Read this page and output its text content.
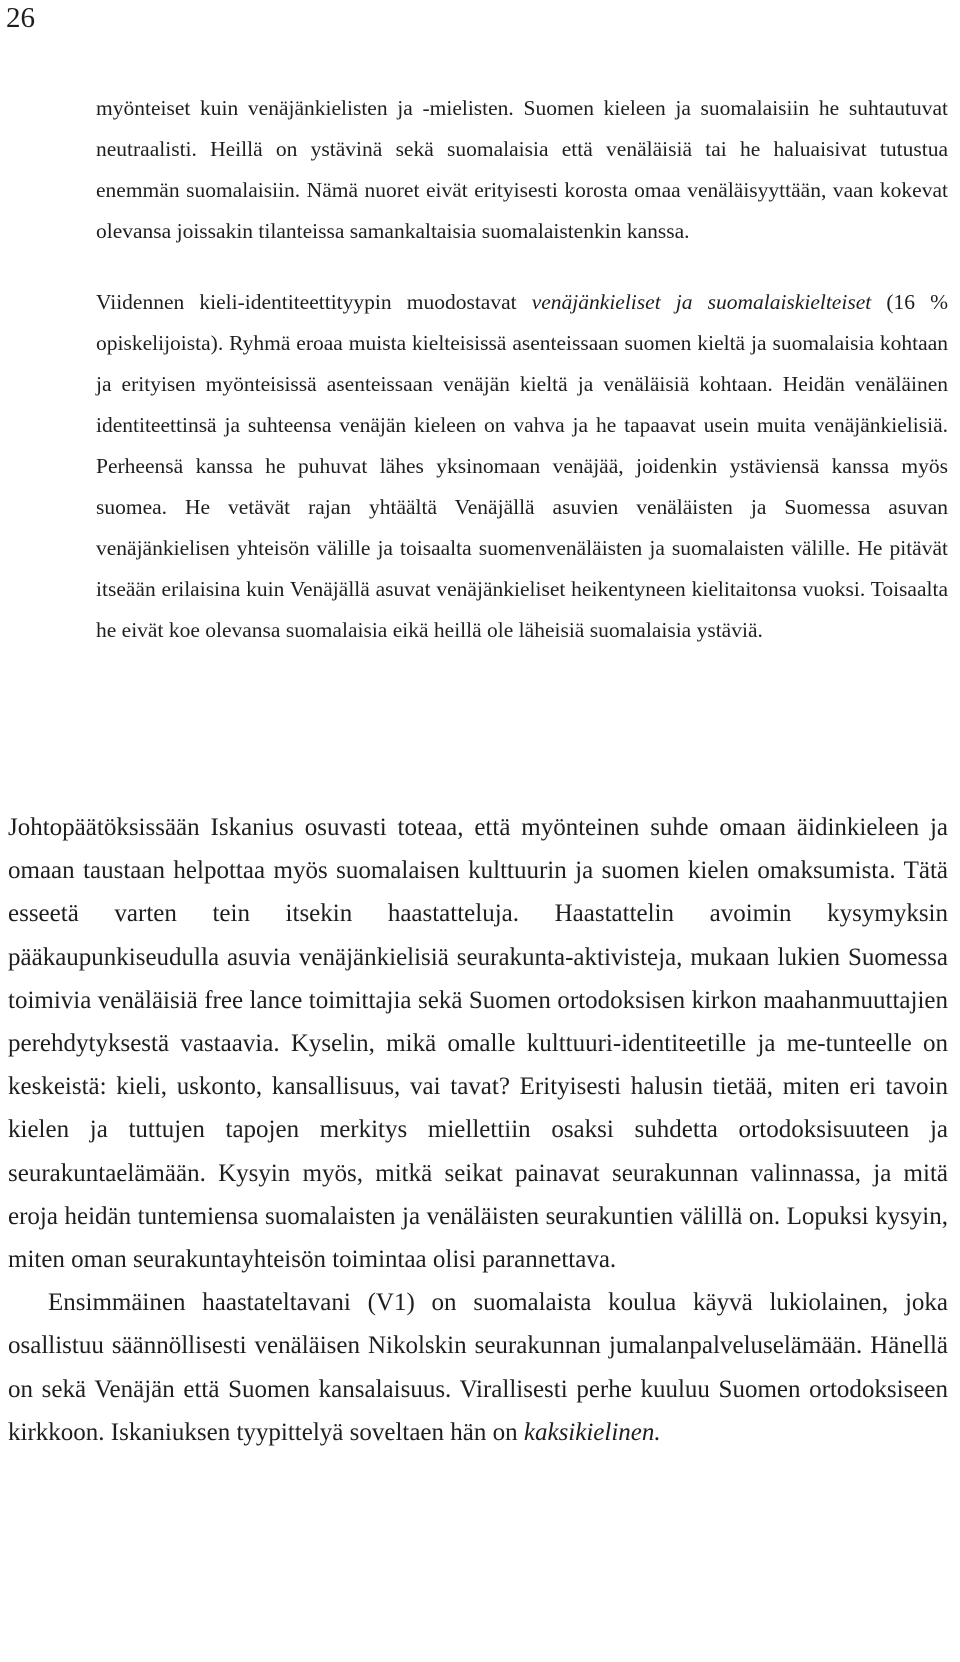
26

myönteiset kuin venäjänkielisten ja -mielisten. Suomen kieleen ja suomalaisiin he suhtautuvat neutraalisti. Heillä on ystävinä sekä suomalaisia että venäläisiä tai he haluaisivat tutustua enemmän suomalaisiin. Nämä nuoret eivät erityisesti korosta omaa venäläisyyttään, vaan kokevat olevansa joissakin tilanteissa samankaltaisia suomalaistenkin kanssa.

Viidennen kieli-identiteettityypin muodostavat venäjänkieliset ja suomalaiskielteiset (16 % opiskelijoista). Ryhmä eroaa muista kielteisissä asenteissaan suomen kieltä ja suomalaisia kohtaan ja erityisen myönteisissä asenteissaan venäjän kieltä ja venäläisiä kohtaan. Heidän venäläinen identiteettinsä ja suhteensa venäjän kieleen on vahva ja he tapaavat usein muita venäjänkielisiä. Perheensä kanssa he puhuvat lähes yksinomaan venäjää, joidenkin ystäviensä kanssa myös suomea. He vetävät rajan yhtäältä Venäjällä asuvien venäläisten ja Suomessa asuvan venäjänkielisen yhteisön välille ja toisaalta suomenvenäläisten ja suomalaisten välille. He pitävät itseään erilaisina kuin Venäjällä asuvat venäjänkieliset heikentyneen kielitaitonsa vuoksi. Toisaalta he eivät koe olevansa suomalaisia eikä heillä ole läheisiä suomalaisia ystäviä.

Johtopäätöksissään Iskanius osuvasti toteaa, että myönteinen suhde omaan äidinkieleen ja omaan taustaan helpottaa myös suomalaisen kulttuurin ja suomen kielen omaksumista. Tätä esseetä varten tein itsekin haastatteluja. Haastattelin avoimin kysymyksin pääkaupunkiseudulla asuvia venäjänkielisiä seurakunta-aktivisteja, mukaan lukien Suomessa toimivia venäläisiä free lance toimittajia sekä Suomen ortodoksisen kirkon maahanmuuttajien perehdytyksestä vastaavia. Kyselin, mikä omalle kulttuuri-identiteetille ja me-tunteelle on keskeistä: kieli, uskonto, kansallisuus, vai tavat? Erityisesti halusin tietää, miten eri tavoin kielen ja tuttujen tapojen merkitys miellettiin osaksi suhdetta ortodoksisuuteen ja seurakuntaelämään. Kysyin myös, mitkä seikat painavat seurakunnan valinnassa, ja mitä eroja heidän tuntemiensa suomalaisten ja venäläisten seurakuntien välillä on. Lopuksi kysyin, miten oman seurakuntayhteisön toimintaa olisi parannettava.

Ensimmäinen haastateltavani (V1) on suomalaista koulua käyvä lukiolainen, joka osallistuu säännöllisesti venäläisen Nikolskin seurakunnan jumalanpalveluselämään. Hänellä on sekä Venäjän että Suomen kansalaisuus. Virallisesti perhe kuuluu Suomen ortodoksiseen kirkkoon. Iskaniuksen tyypittelyä soveltaen hän on kaksikielinen.
